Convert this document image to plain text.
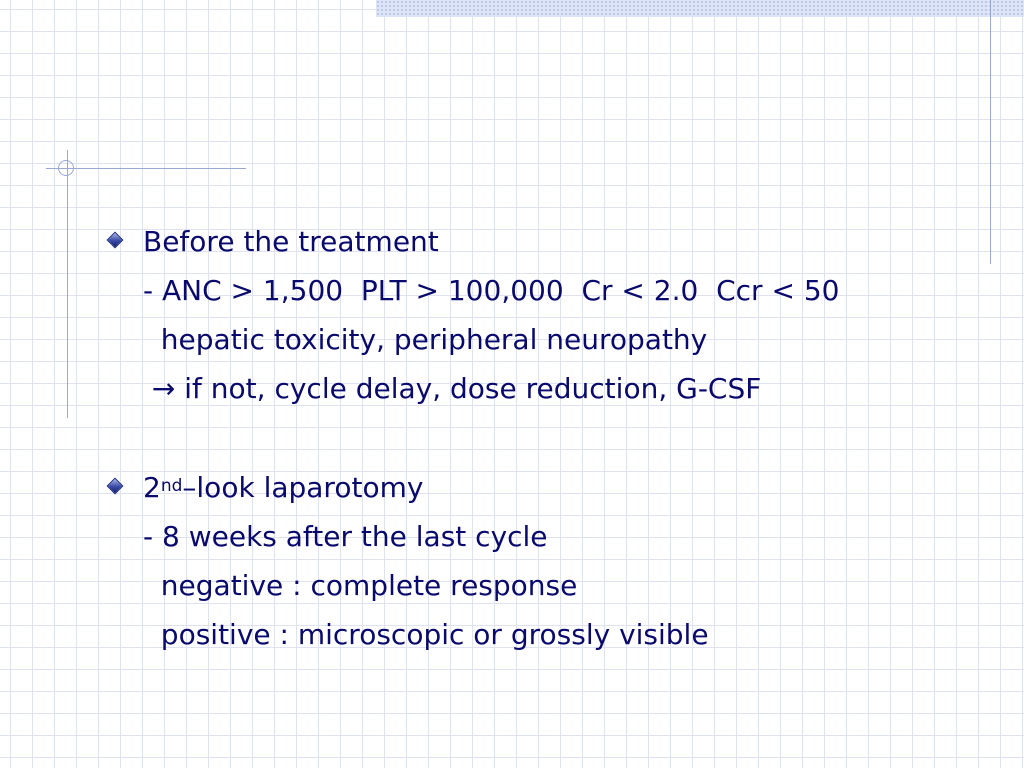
Before the treatment
- ANC > 1,500  PLT > 100,000  Cr < 2.0  Ccr < 50
hepatic toxicity, peripheral neuropathy
→ if not, cycle delay, dose reduction, G-CSF
2nd–look laparotomy
- 8 weeks after the last cycle
negative : complete response
positive : microscopic or grossly visible
